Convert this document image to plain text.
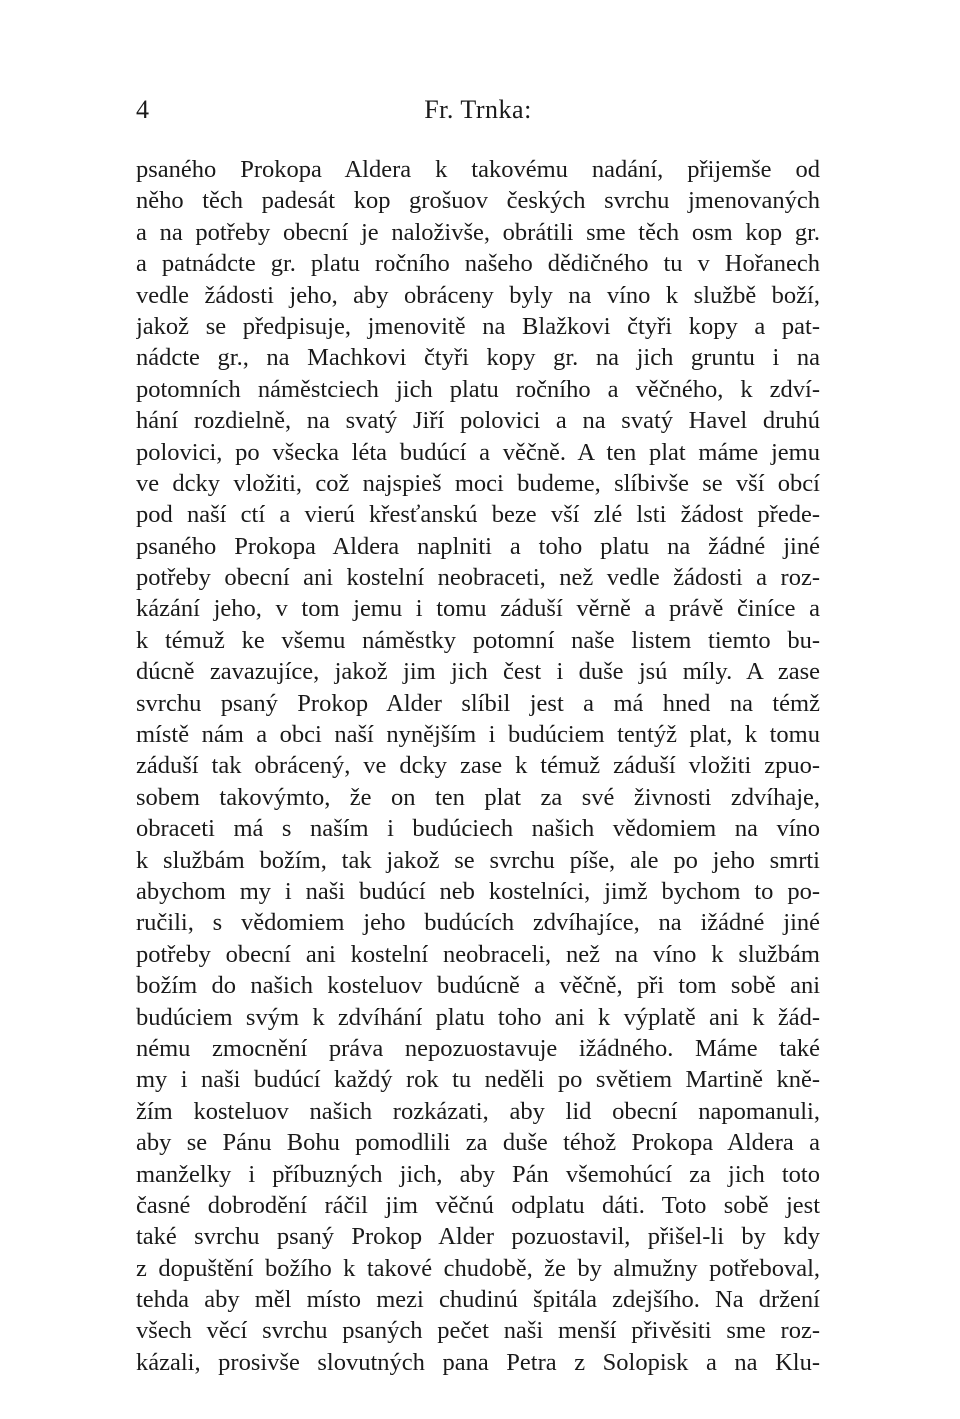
4	Fr. Trnka:
psaného Prokopa Aldera k takovému nadání, přijemše od
něho těch padesát kop grošuov českých svrchu jmenovaných
a na potřeby obecní je naloživše, obrátili sme těch osm kop gr.
a patnádcte gr. platu ročního našeho dědičného tu v Hořanech
vedle žádosti jeho, aby obráceny byly na víno k službě boží,
jakož se předpisuje, jmenovitě na Blažkovi čtyři kopy a pat-
nádcte gr., na Machkovi čtyři kopy gr. na jich gruntu i na
potomních náměstciech jich platu ročního a věčného, k zdví-
hání rozdielně, na svatý Jiří polovici a na svatý Havel druhú
polovici, po všecka léta budúcí a věčně. A ten plat máme jemu
ve dcky vložiti, což najspieš moci budeme, slíbivše se vší obcí
pod naší ctí a vierú křesťanskú beze vší zlé lsti žádost přede-
psaného Prokopa Aldera naplniti a toho platu na žádné jiné
potřeby obecní ani kostelní neobraceti, než vedle žádosti a roz-
kázání jeho, v tom jemu i tomu záduší věrně a právě činíce a
k témuž ke všemu náměstky potomní naše listem tiemto bu-
dúcně zavazujíce, jakož jim jich čest i duše jsú míly. A zase
svrchu psaný Prokop Alder slíbil jest a má hned na témž
místě nám a obci naší nynějším i budúciem tentýž plat, k tomu
záduší tak obrácený, ve dcky zase k témuž záduší vložiti zpuo-
sobem takovýmto, že on ten plat za své živnosti zdvíhaje,
obraceti má s naším i budúciech našich vědomiem na víno
k službám božím, tak jakož se svrchu píše, ale po jeho smrti
abychom my i naši budúcí neb kostelníci, jimž bychom to po-
ručili, s vědomiem jeho budúcích zdvíhajíce, na ižádné jiné
potřeby obecní ani kostelní neobraceli, než na víno k službám
božím do našich kosteluov budúcně a věčně, při tom sobě ani
budúciem svým k zdvíhání platu toho ani k výplatě ani k žád-
nému zmocnění práva nepozuostavuje ižádného. Máme také
my i naši budúcí každý rok tu neděli po světiem Martině kně-
žím kosteluov našich rozkázati, aby lid obecní napomanuli,
aby se Pánu Bohu pomodlili za duše téhož Prokopa Aldera a
manželky i příbuzných jich, aby Pán všemohúcí za jich toto
časné dobrodění ráčil jim věčnú odplatu dáti. Toto sobě jest
také svrchu psaný Prokop Alder pozuostavil, přišel-li by kdy
z dopuštění božího k takové chudobě, že by almužny potřeboval,
tehda aby měl místo mezi chudinú špitála zdejšího. Na držení
všech věcí svrchu psaných pečet naši menší přivěsiti sme roz-
kázali, prosivše slovutných pana Petra z Solopisk a na Klu-
